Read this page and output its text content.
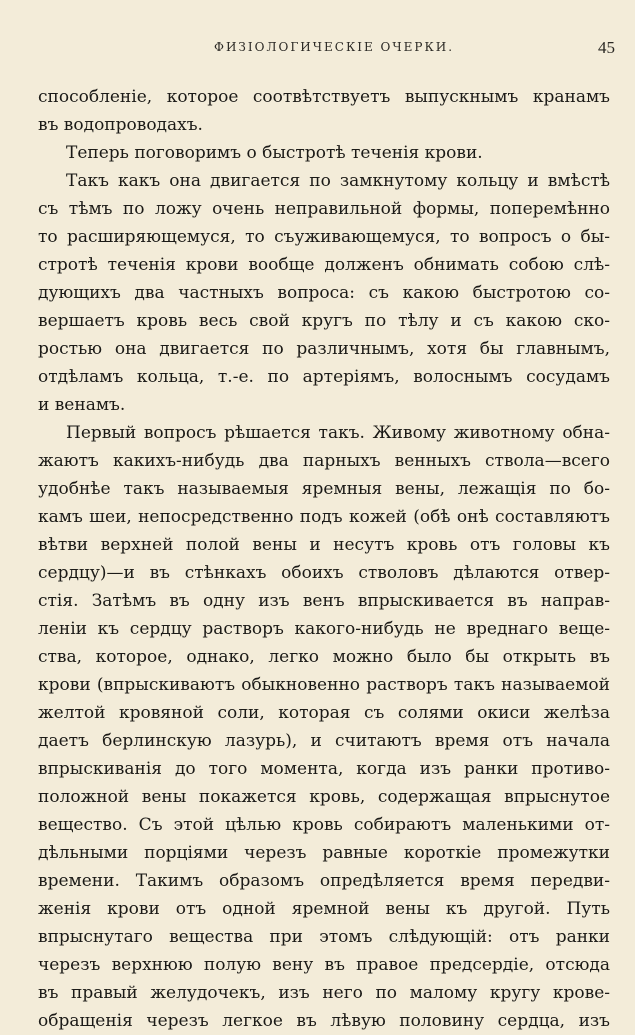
ФИЗІОЛОГИЧЕСКІЕ ОЧЕРКИ.	45
способленіе, которое соотвѣтствуетъ выпускнымъ кранамъ
въ водопроводахъ.
Теперь поговоримъ о быстротѣ теченія крови.
Такъ какъ она двигается по замкнутому кольцу и вмѣстѣ
съ тѣмъ по ложу очень неправильной формы, поперемѣнно
то расширяющемуся, то съуживающемуся, то вопросъ о бы-
стротѣ теченія крови вообще долженъ обнимать собою слѣ-
дующихъ два частныхъ вопроса: съ какою быстротою со-
вершаетъ кровь весь свой кругъ по тѣлу и съ какою ско-
ростью она двигается по различнымъ, хотя бы главнымъ,
отдѣламъ кольца, т.-е. по артеріямъ, волоснымъ сосудамъ
и венамъ.
Первый вопросъ рѣшается такъ. Живому животному обна-
жаютъ какихъ-нибудь два парныхъ венныхъ ствола—всего
удобнѣе такъ называемыя яремныя вены, лежащія по бо-
камъ шеи, непосредственно подъ кожей (обѣ онѣ составляютъ
вѣтви верхней полой вены и несутъ кровь отъ головы къ
сердцу)—и въ стѣнкахъ обоихъ стволовъ дѣлаются отвер-
стія. Затѣмъ въ одну изъ венъ впрыскивается въ направ-
леніи къ сердцу растворъ какого-нибудь не вреднаго веще-
ства, которое, однако, легко можно было бы открыть въ
крови (впрыскиваютъ обыкновенно растворъ такъ называемой
желтой кровяной соли, которая съ солями окиси желѣза
даетъ берлинскую лазурь), и считаютъ время отъ начала
впрыскиванія до того момента, когда изъ ранки противо-
положной вены покажется кровь, содержащая впрыснутое
вещество. Съ этой цѣлью кровь собираютъ маленькими от-
дѣльными порціями черезъ равные короткіе промежутки
времени. Такимъ образомъ опредѣляется время передви-
женія крови отъ одной яремной вены къ другой. Путь
впрыснутаго вещества при этомъ слѣдующій: отъ ранки
черезъ верхнюю полую вену въ правое предсердіе, отсюда
въ правый желудочекъ, изъ него по малому кругу крове-
обращенія черезъ легкое въ лѣвую половину сердца, изъ
